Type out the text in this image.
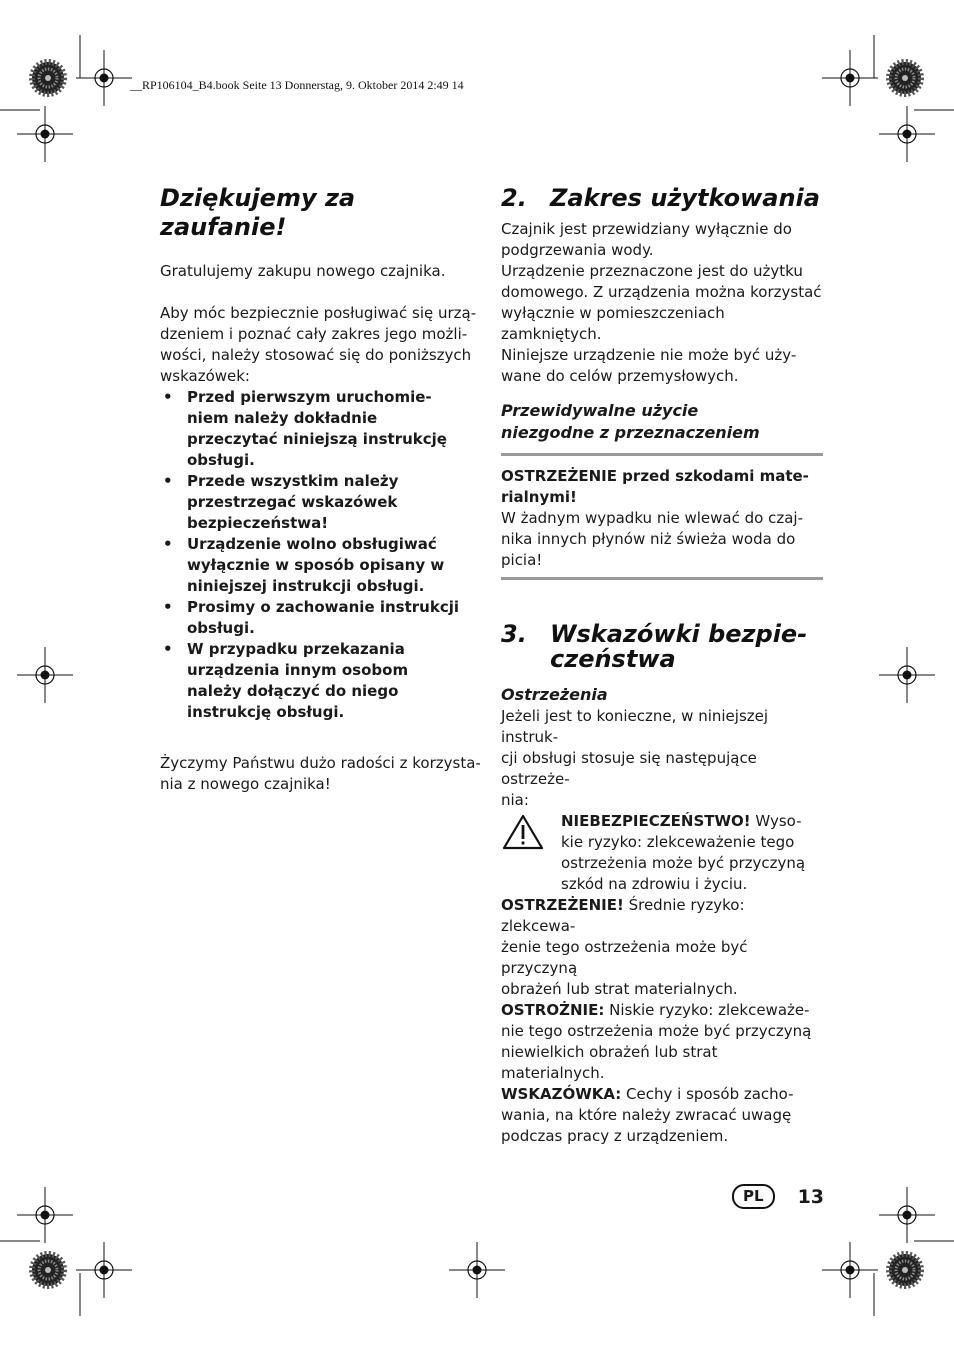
__RP106104_B4.book Seite 13 Donnerstag, 9. Oktober 2014 2:49 14
Dziękujemy za zaufanie!

Gratulujemy zakupu nowego czajnika.

Aby móc bezpiecznie posługiwać się urzą-
dzeniem i poznać cały zakres jego możli-
wości, należy stosować się do poniższych
wskazówek:
• Przed pierwszym uruchomie-
niem należy dokładnie
przeczytać niniejszą instrukcję
obsługi.
• Przede wszystkim należy
przestrzegać wskazówek
bezpieczeństwa!
• Urządzenie wolno obsługiwać
wyłącznie w sposób opisany w
niniejszej instrukcji obsługi.
• Prosimy o zachowanie instrukcji
obsługi.
• W przypadku przekazania
urządzenia innym osobom
należy dołączyć do niego
instrukcję obsługi.
Życzymy Państwu dużo radości z korzysta-
nia z nowego czajnika!
2. Zakres użytkowania
Czajnik jest przewidziany wyłącznie do
podgrzewania wody.
Urządzenie przeznaczone jest do użytku
domowego. Z urządzenia można korzystać
wyłącznie w pomieszczeniach zamkniętych.
Niniejsze urządzenie nie może być uży-
wane do celów przemysłowych.
Przewidywalne użycie
niezgodne z przeznaczeniem
OSTRZEŻENIE przed szkodami mate-
rialnymi!
W żadnym wypadku nie wlewać do czaj-
nika innych płynów niż świeża woda do
picia!
3. Wskazówki bezpie-
czeństwa
Ostrzeżenia
Jeżeli jest to konieczne, w niniejszej instruk-
cji obsługi stosuje się następujące ostrzeże-
nia:
NIEBEZPIECZEŃSTWO! Wyso-
kie ryzyko: zlekceważenie tego
ostrzeżenia może być przyczyną
szkód na zdrowiu i życiu.
OSTRZEŻENIE! Średnie ryzyko: zlekcewa-
żenie tego ostrzeżenia może być przyczyną
obrażeń lub strat materialnych.
OSTROŻNIE: Niskie ryzyko: zlekceważe-
nie tego ostrzeżenia może być przyczyną
niewielkich obrażeń lub strat materialnych.
WSKAZÓWKA: Cechy i sposób zacho-
wania, na które należy zwracać uwagę
podczas pracy z urządzeniem.
PL	13
